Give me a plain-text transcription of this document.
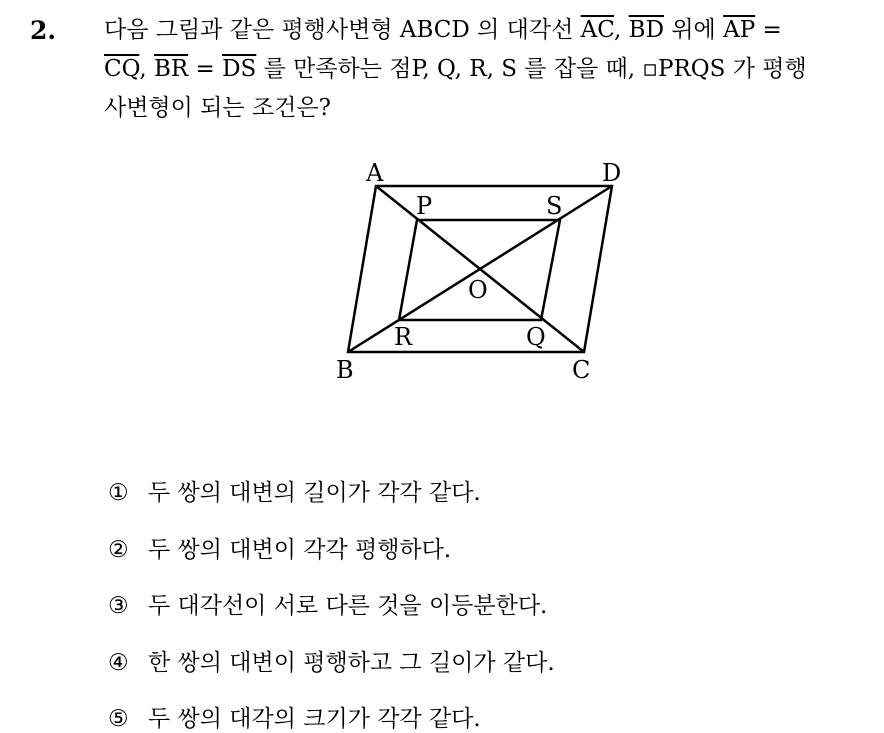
2. 다음 그림과 같은 평행사변형 ABCD 의 대각선 $\overline{AC}$, $\overline{BD}$ 위에 $\overline{AP}$ =
$\overline{CQ}$, $\overline{BR} = \overline{DS}$ 를 만족하는 점P, Q, R, S 를 잡을 때, ▫PRQS 가 평행
사변형이 되는 조건은?
A	D
B	C
P	S
R	Q
O
① 두 쌍의 대변의 길이가 각각 같다.
② 두 쌍의 대변이 각각 평행하다.
③ 두 대각선이 서로 다른 것을 이등분한다.
④ 한 쌍의 대변이 평행하고 그 길이가 같다.
⑤ 두 쌍의 대각의 크기가 각각 같다.
